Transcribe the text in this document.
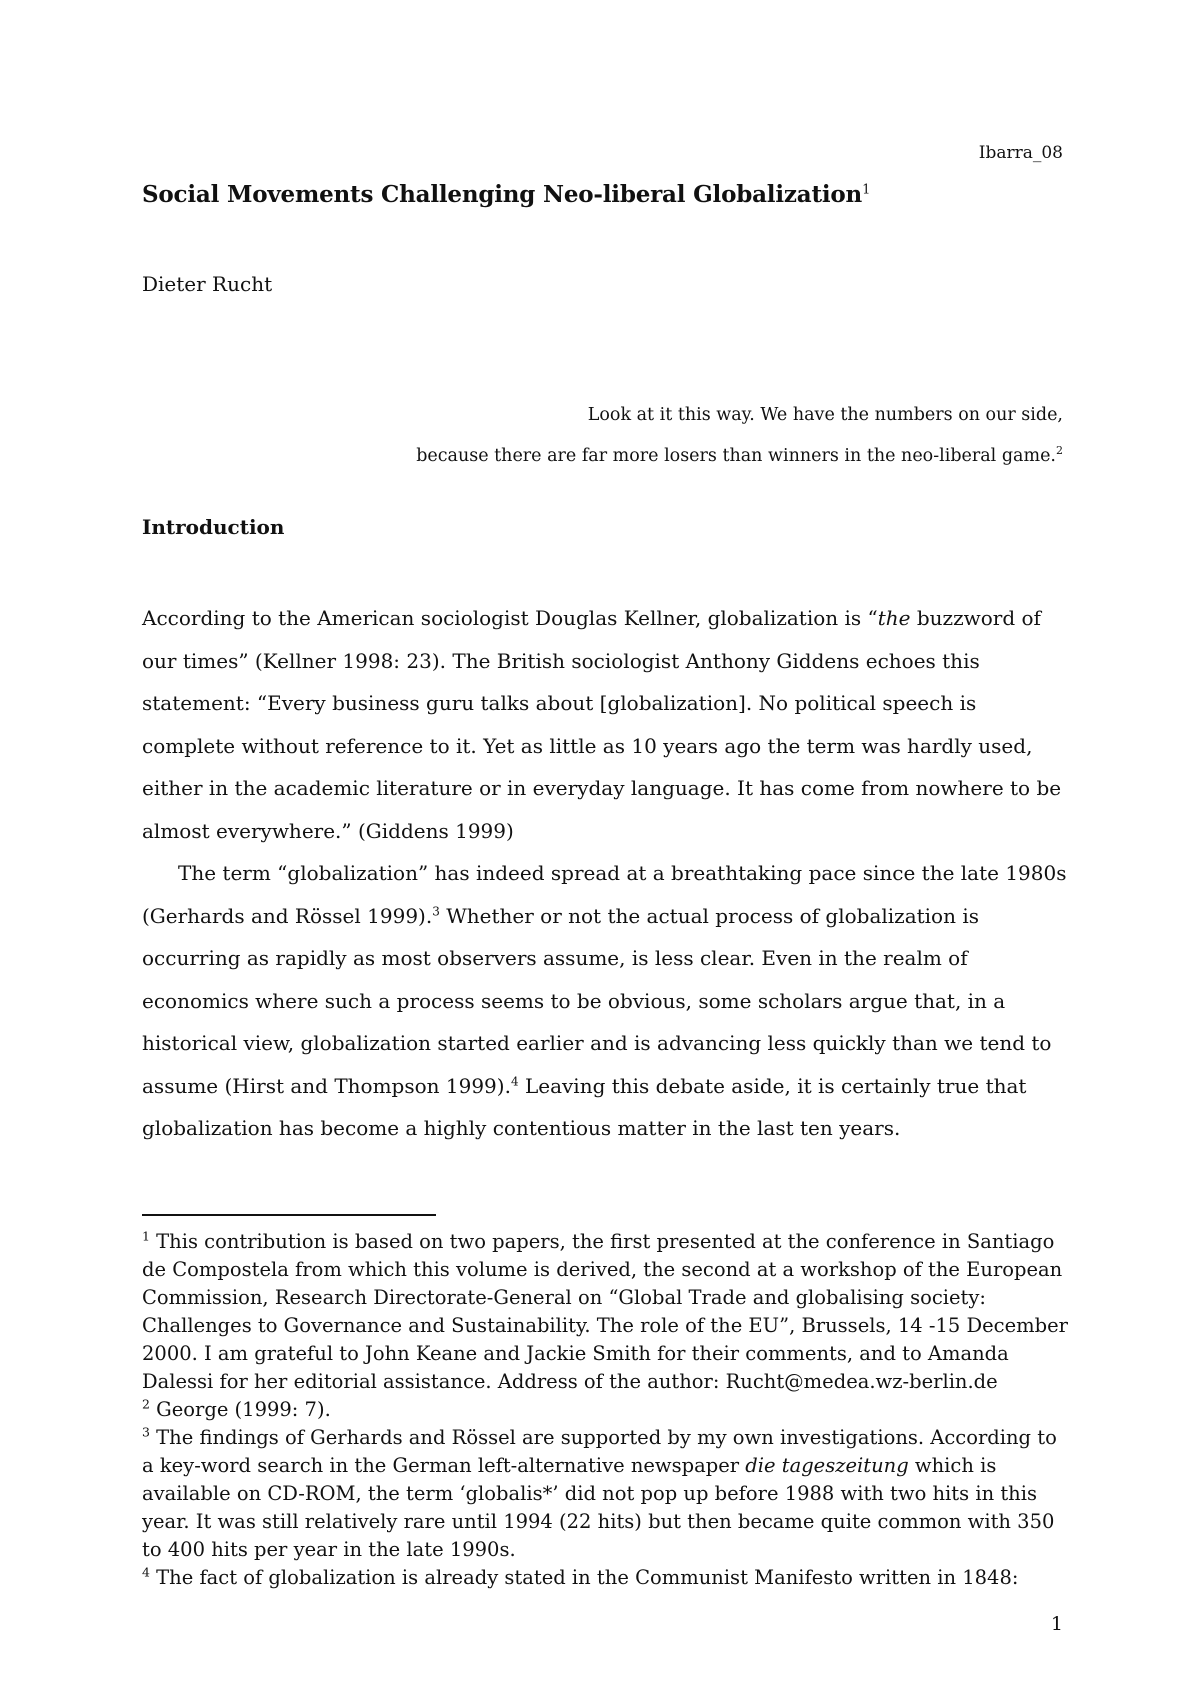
Ibarra_08
Social Movements Challenging Neo-liberal Globalization$^1$
Dieter Rucht
Look at it this way. We have the numbers on our side,
because there are far more losers than winners in the neo-liberal game.$^2$
Introduction

According to the American sociologist Douglas Kellner, globalization is “the buzzword of our times” (Kellner 1998: 23). The British sociologist Anthony Giddens echoes this statement: “Every business guru talks about [globalization]. No political speech is complete without reference to it. Yet as little as 10 years ago the term was hardly used, either in the academic literature or in everyday language. It has come from nowhere to be almost everywhere.” (Giddens 1999)

The term “globalization” has indeed spread at a breathtaking pace since the late 1980s (Gerhards and Rössel 1999).$^3$ Whether or not the actual process of globalization is occurring as rapidly as most observers assume, is less clear. Even in the realm of economics where such a process seems to be obvious, some scholars argue that, in a historical view, globalization started earlier and is advancing less quickly than we tend to assume (Hirst and Thompson 1999).$^4$ Leaving this debate aside, it is certainly true that globalization has become a highly contentious matter in the last ten years.

$^1$ This contribution is based on two papers, the first presented at the conference in Santiago de Compostela from which this volume is derived, the second at a workshop of the European Commission, Research Directorate-General on “Global Trade and globalising society: Challenges to Governance and Sustainability. The role of the EU”, Brussels, 14 -15 December 2000. I am grateful to John Keane and Jackie Smith for their comments, and to Amanda Dalessi for her editorial assistance. Address of the author: Rucht@medea.wz-berlin.de

$^2$ George (1999: 7).

$^3$ The findings of Gerhards and Rössel are supported by my own investigations. According to a key-word search in the German left-alternative newspaper die tageszeitung which is available on CD-ROM, the term ‘globalis*’ did not pop up before 1988 with two hits in this year. It was still relatively rare until 1994 (22 hits) but then became quite common with 350 to 400 hits per year in the late 1990s.

$^4$ The fact of globalization is already stated in the Communist Manifesto written in 1848:

1
